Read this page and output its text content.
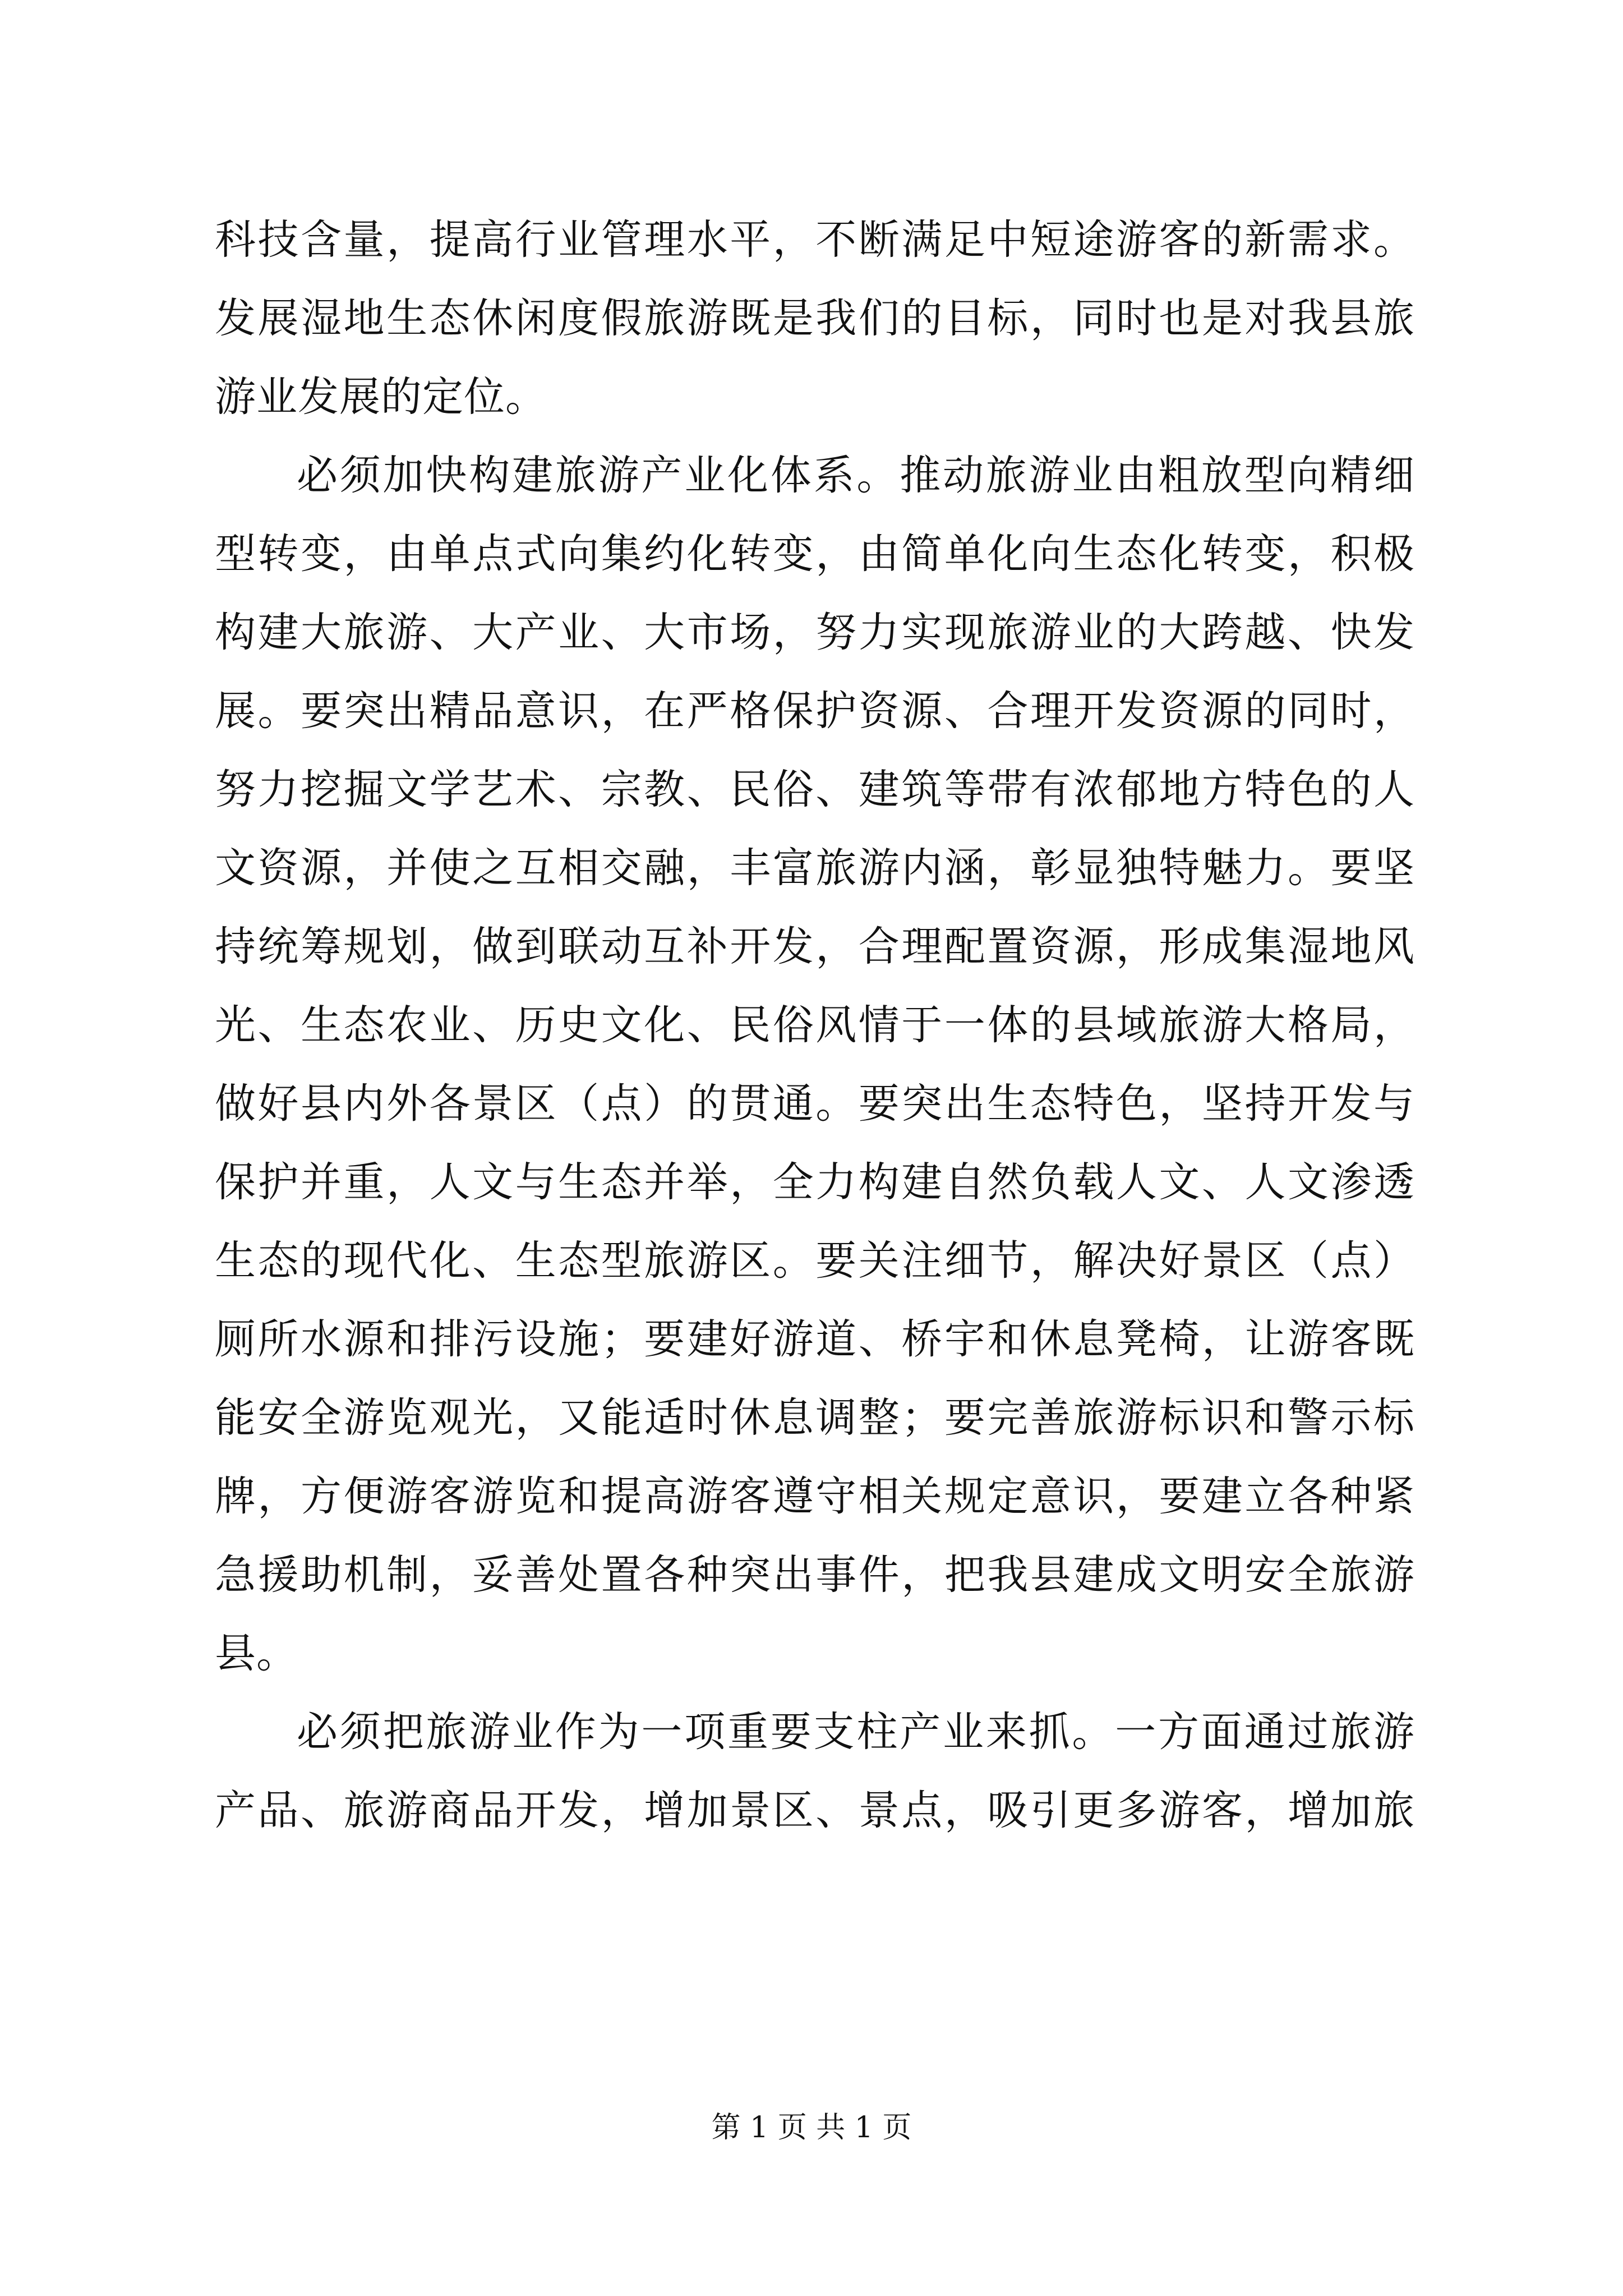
科技含量，提高行业管理水平，不断满足中短途游客的新需求。
发展湿地生态休闲度假旅游既是我们的目标，同时也是对我县旅
游业发展的定位。
必须加快构建旅游产业化体系。推动旅游业由粗放型向精细
型转变，由单点式向集约化转变，由简单化向生态化转变，积极
构建大旅游、大产业、大市场，努力实现旅游业的大跨越、快发
展。要突出精品意识，在严格保护资源、合理开发资源的同时，
努力挖掘文学艺术、宗教、民俗、建筑等带有浓郁地方特色的人
文资源，并使之互相交融，丰富旅游内涵，彰显独特魅力。要坚
持统筹规划，做到联动互补开发，合理配置资源，形成集湿地风
光、生态农业、历史文化、民俗风情于一体的县域旅游大格局，
做好县内外各景区（点）的贯通。要突出生态特色，坚持开发与
保护并重，人文与生态并举，全力构建自然负载人文、人文渗透
生态的现代化、生态型旅游区。要关注细节，解决好景区（点）
厕所水源和排污设施；要建好游道、桥宇和休息凳椅，让游客既
能安全游览观光，又能适时休息调整；要完善旅游标识和警示标
牌，方便游客游览和提高游客遵守相关规定意识，要建立各种紧
急援助机制，妥善处置各种突出事件，把我县建成文明安全旅游
县。
必须把旅游业作为一项重要支柱产业来抓。一方面通过旅游
产品、旅游商品开发，增加景区、景点，吸引更多游客，增加旅
第 1 页 共 1 页
